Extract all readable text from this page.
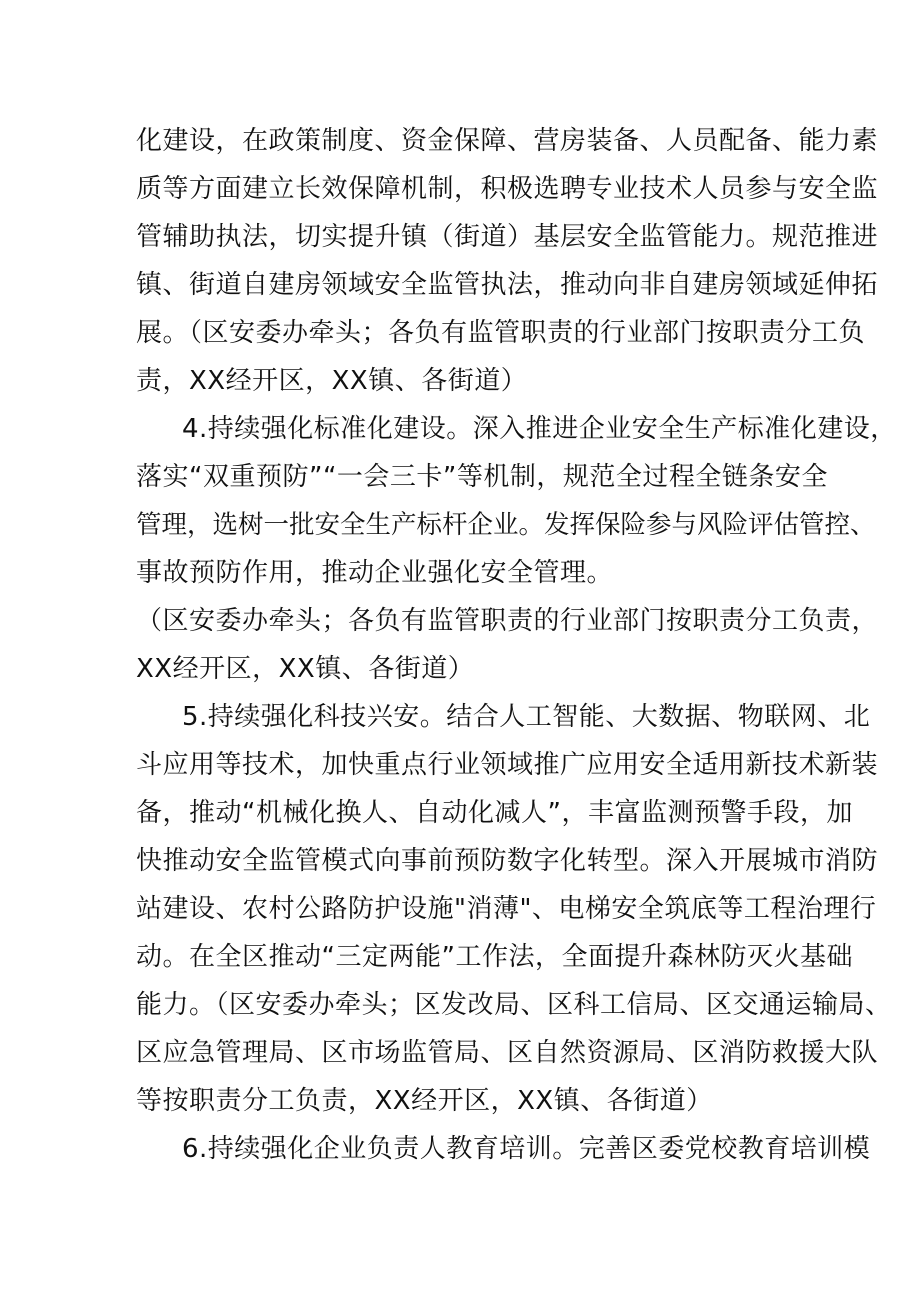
化建设，在政策制度、资金保障、营房装备、人员配备、能力素
质等方面建立长效保障机制，积极选聘专业技术人员参与安全监
管辅助执法，切实提升镇（街道）基层安全监管能力。规范推进
镇、街道自建房领域安全监管执法，推动向非自建房领域延伸拓
展。（区安委办牵头；各负有监管职责的行业部门按职责分工负
责，XX经开区，XX镇、各街道）
4.持续强化标准化建设。深入推进企业安全生产标准化建设，
落实“双重预防”“一会三卡”等机制，规范全过程全链条安全
管理，选树一批安全生产标杆企业。发挥保险参与风险评估管控、
事故预防作用，推动企业强化安全管理。
（区安委办牵头；各负有监管职责的行业部门按职责分工负责，
XX经开区，XX镇、各街道）
5.持续强化科技兴安。结合人工智能、大数据、物联网、北
斗应用等技术，加快重点行业领域推广应用安全适用新技术新装
备，推动“机械化换人、自动化减人”，丰富监测预警手段，加
快推动安全监管模式向事前预防数字化转型。深入开展城市消防
站建设、农村公路防护设施"消薄"、电梯安全筑底等工程治理行
动。在全区推动“三定两能”工作法，全面提升森林防灭火基础
能力。（区安委办牵头；区发改局、区科工信局、区交通运输局、
区应急管理局、区市场监管局、区自然资源局、区消防救援大队
等按职责分工负责，XX经开区，XX镇、各街道）
6.持续强化企业负责人教育培训。完善区委党校教育培训模
